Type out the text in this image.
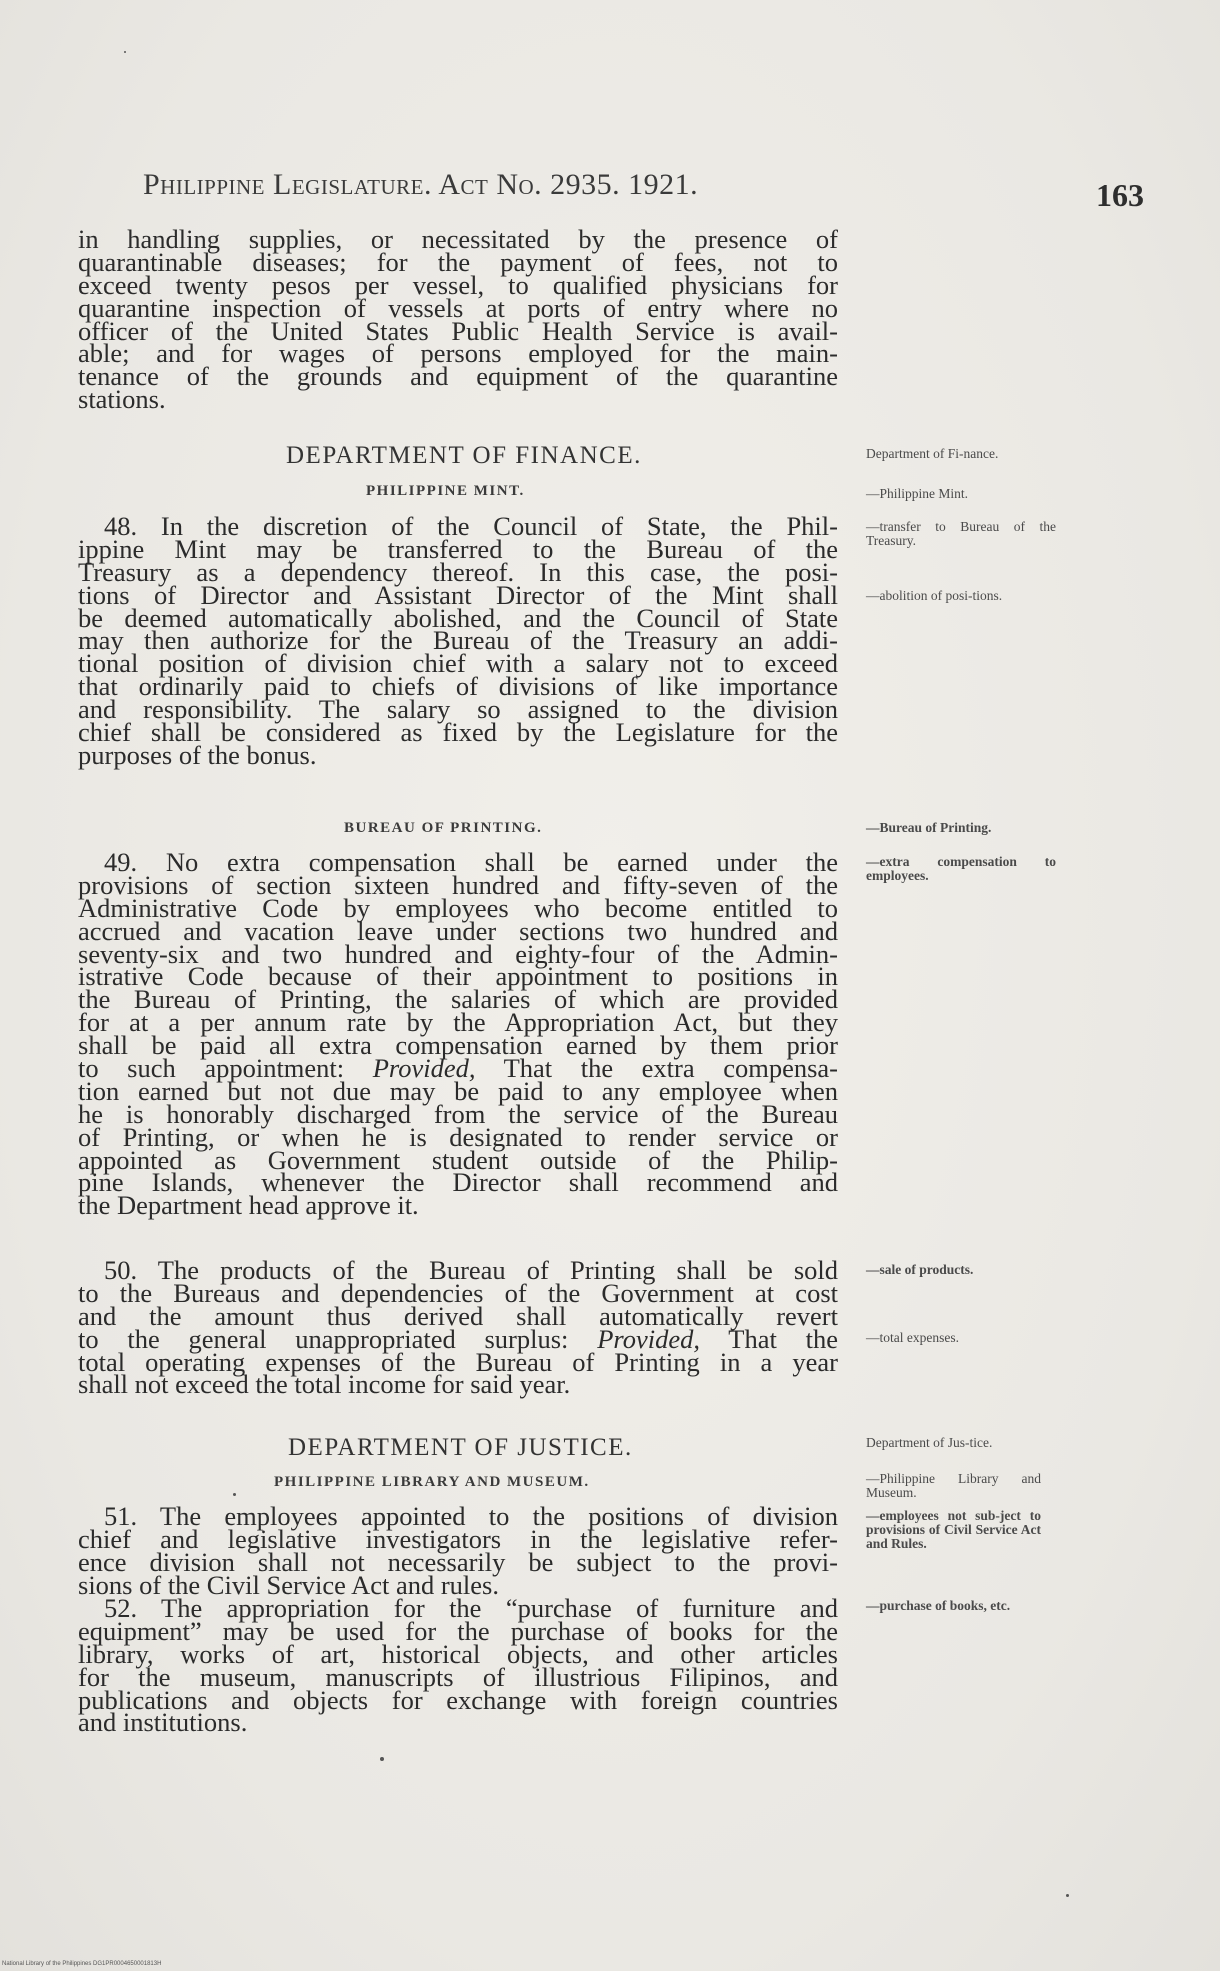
Philippine Legislature. Act No. 2935. 1921.	163
in handling supplies, or necessitated by the presence of
quarantinable diseases; for the payment of fees, not to
exceed twenty pesos per vessel, to qualified physicians for
quarantine inspection of vessels at ports of entry where no
officer of the United States Public Health Service is avail-
able; and for wages of persons employed for the main-
tenance of the grounds and equipment of the quarantine
stations.
DEPARTMENT OF FINANCE.
PHILIPPINE MINT.
Department of Fi-nance.
—Philippine Mint.
48. In the discretion of the Council of State, the Phil-
ippine Mint may be transferred to the Bureau of the
Treasury as a dependency thereof. In this case, the posi-
tions of Director and Assistant Director of the Mint shall
be deemed automatically abolished, and the Council of State
may then authorize for the Bureau of the Treasury an addi-
tional position of division chief with a salary not to exceed
that ordinarily paid to chiefs of divisions of like importance
and responsibility. The salary so assigned to the division
chief shall be considered as fixed by the Legislature for the
purposes of the bonus.
—transfer to Bureau of the Treasury.
—abolition of posi-tions.
BUREAU OF PRINTING.	—Bureau of Printing.
49. No extra compensation shall be earned under the
provisions of section sixteen hundred and fifty-seven of the
Administrative Code by employees who become entitled to
accrued and vacation leave under sections two hundred and
seventy-six and two hundred and eighty-four of the Admin-
istrative Code because of their appointment to positions in
the Bureau of Printing, the salaries of which are provided
for at a per annum rate by the Appropriation Act, but they
shall be paid all extra compensation earned by them prior
to such appointment: Provided, That the extra compensa-
tion earned but not due may be paid to any employee when
he is honorably discharged from the service of the Bureau
of Printing, or when he is designated to render service or
appointed as Government student outside of the Philip-
pine Islands, whenever the Director shall recommend and
the Department head approve it.
—extra compensation to employees.
50. The products of the Bureau of Printing shall be sold
to the Bureaus and dependencies of the Government at cost
and the amount thus derived shall automatically revert
to the general unappropriated surplus: Provided, That the
total operating expenses of the Bureau of Printing in a year
shall not exceed the total income for said year.
—sale of products.
—total expenses.
DEPARTMENT OF JUSTICE.
PHILIPPINE LIBRARY AND MUSEUM.
Department of Jus-tice.
—Philippine Library and Museum.
51. The employees appointed to the positions of division
chief and legislative investigators in the legislative refer-
ence division shall not necessarily be subject to the provi-
sions of the Civil Service Act and rules.
—employees not sub-ject to provisions of Civil Service Act and Rules.
52. The appropriation for the “purchase of furniture and
equipment” may be used for the purchase of books for the
library, works of art, historical objects, and other articles
for the museum, manuscripts of illustrious Filipinos, and
publications and objects for exchange with foreign countries
and institutions.
—purchase of books, etc.
National Library of the Philippines DG1PR0004650001813H
